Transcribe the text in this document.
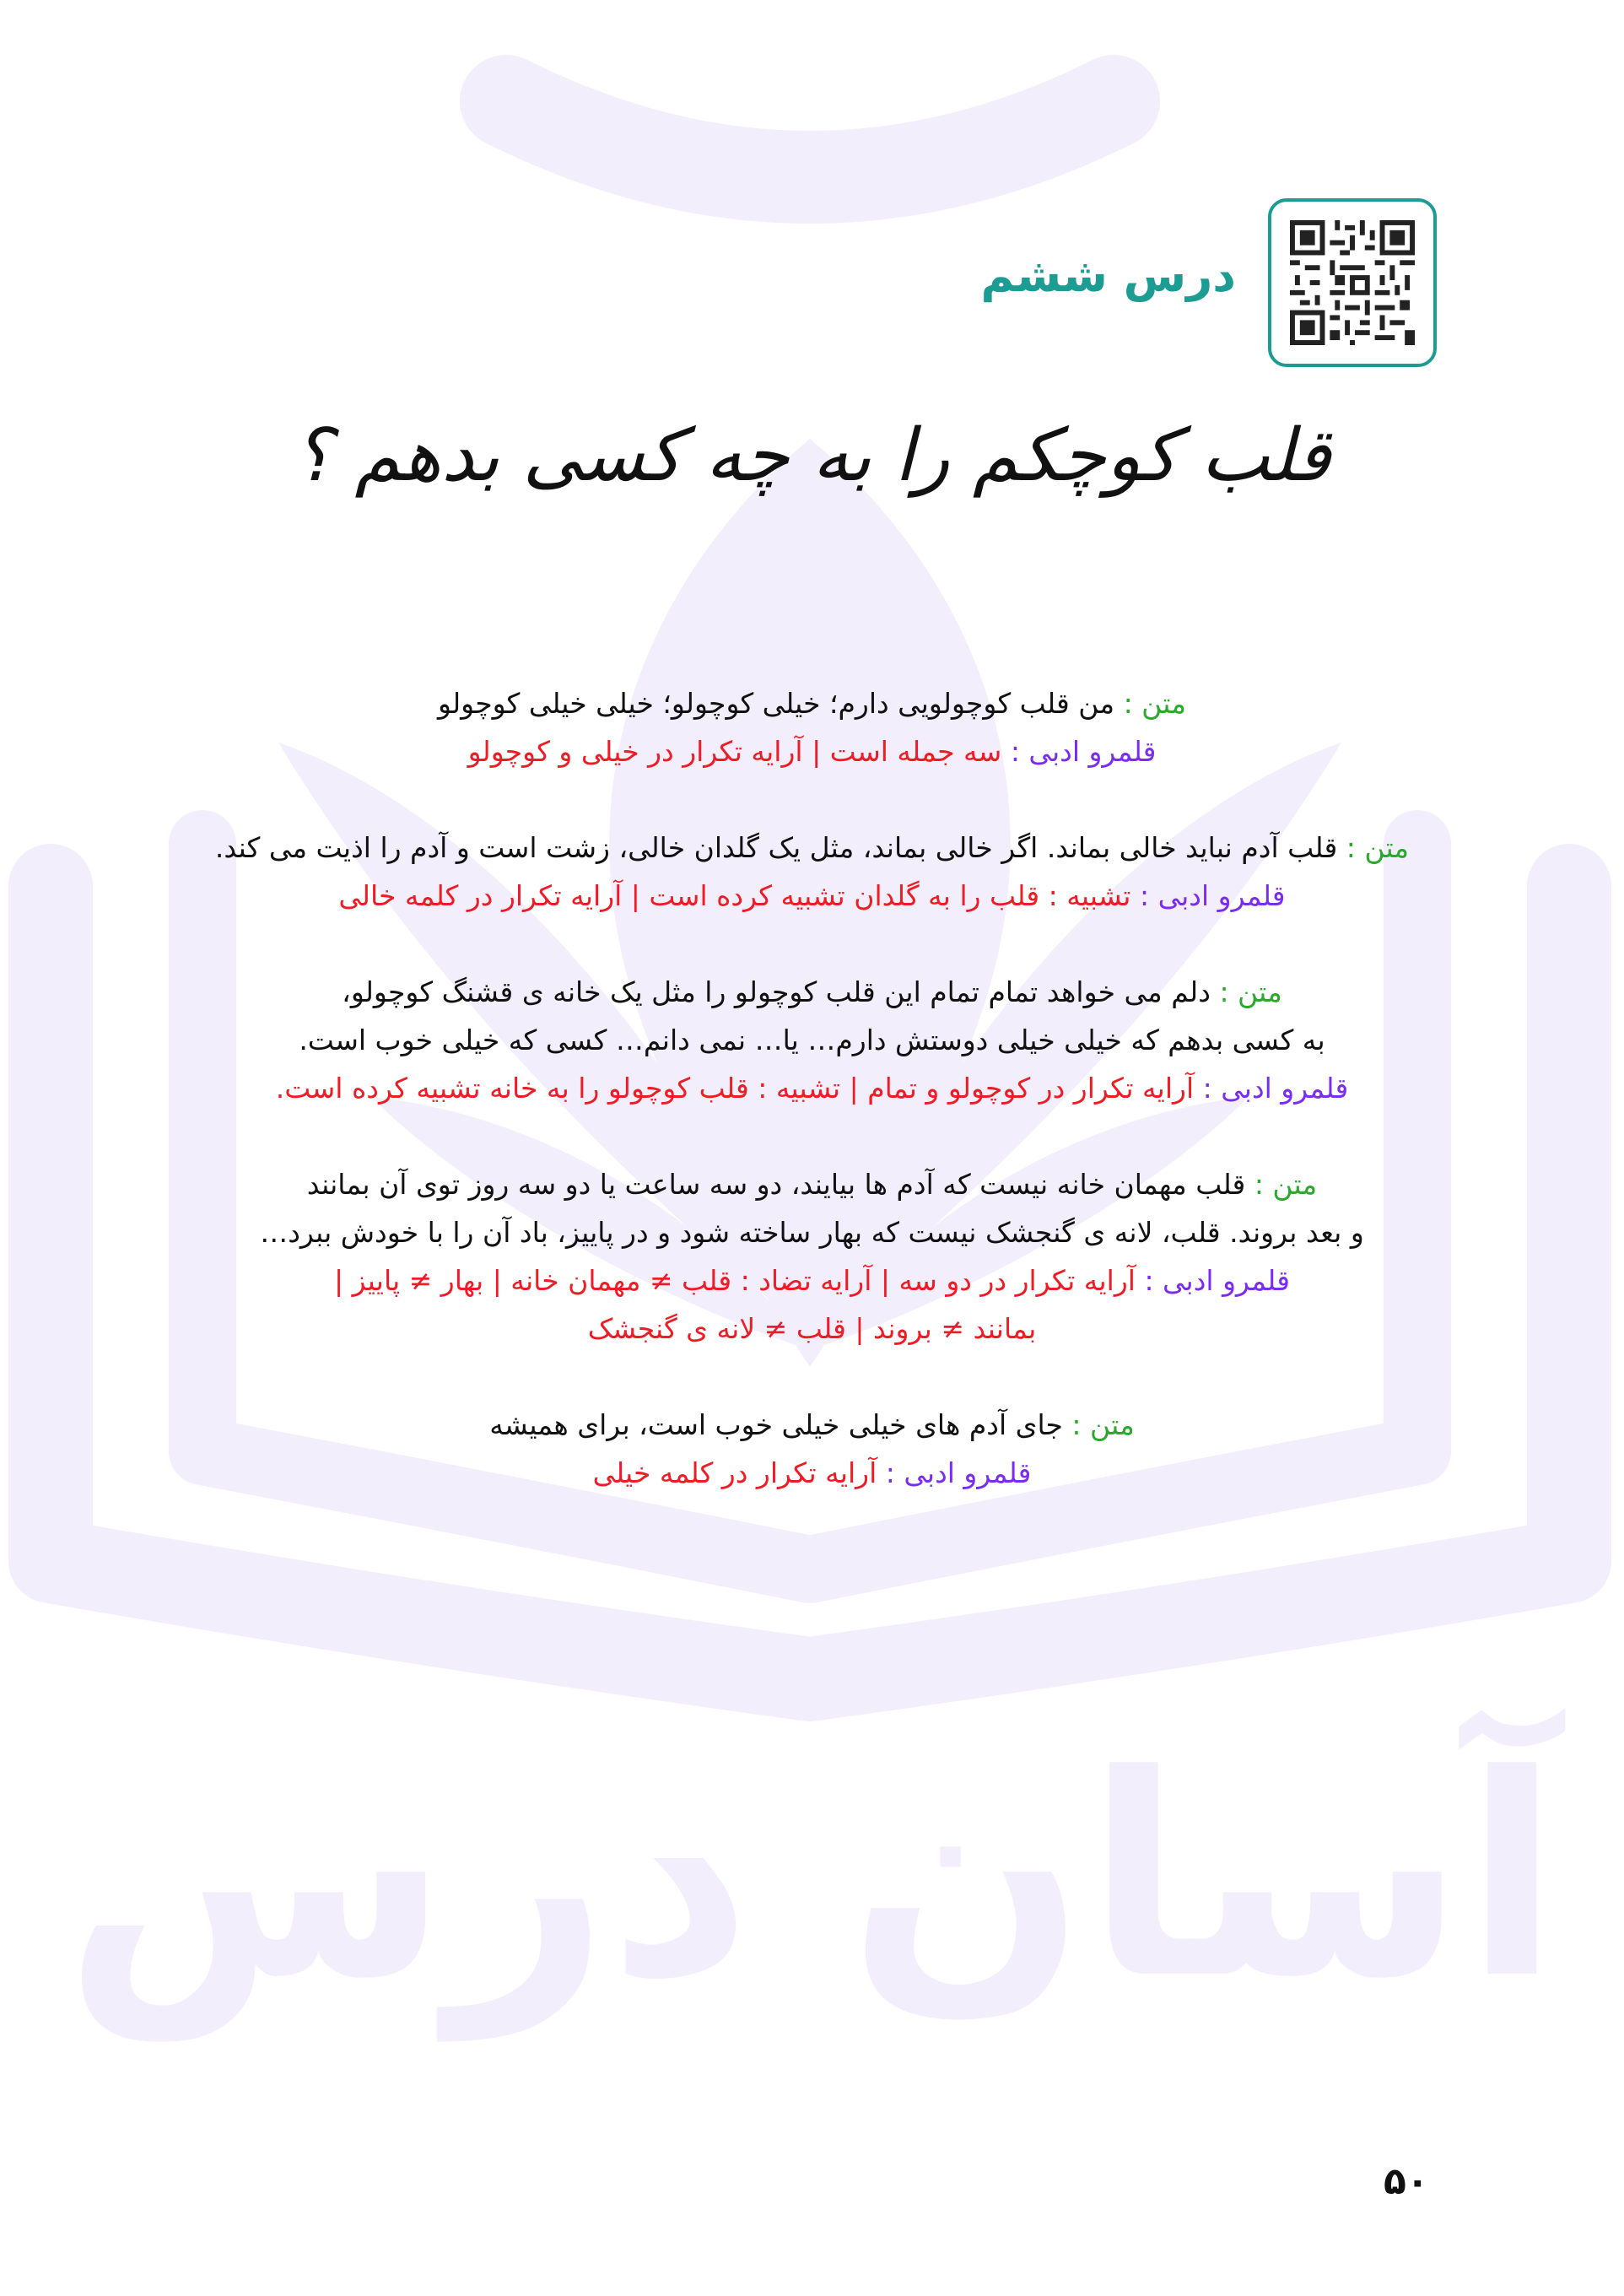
آسان درس
درس ششم
قلب کوچکم را به چه کسی بدهم ؟
متن : من قلب کوچولویی دارم؛ خیلی کوچولو؛ خیلی خیلی کوچولو
قلمرو ادبی : سه جمله است | آرایه تکرار در خیلی و کوچولو
متن : قلب آدم نباید خالی بماند. اگر خالی بماند، مثل یک گلدان خالی، زشت است و آدم را اذیت می کند.
قلمرو ادبی : تشبیه : قلب را به گلدان تشبیه کرده است | آرایه تکرار در کلمه خالی
متن : دلم می خواهد تمام تمام این قلب کوچولو را مثل یک خانه ی قشنگ کوچولو،
به کسی بدهم که خیلی خیلی دوستش دارم… یا… نمی دانم… کسی که خیلی خوب است.
قلمرو ادبی : آرایه تکرار در کوچولو و تمام | تشبیه : قلب کوچولو را به خانه تشبیه کرده است.
متن : قلب مهمان خانه نیست که آدم ها بیایند، دو سه ساعت یا دو سه روز توی آن بمانند
و بعد بروند. قلب، لانه ی گنجشک نیست که بهار ساخته شود و در پاییز، باد آن را با خودش ببرد…
قلمرو ادبی : آرایه تکرار در دو سه | آرایه تضاد : قلب ≠ مهمان خانه | بهار ≠ پاییز |
بمانند ≠ بروند | قلب ≠ لانه ی گنجشک
متن : جای آدم های خیلی خیلی خوب است، برای همیشه
قلمرو ادبی : آرایه تکرار در کلمه خیلی
۵۰
